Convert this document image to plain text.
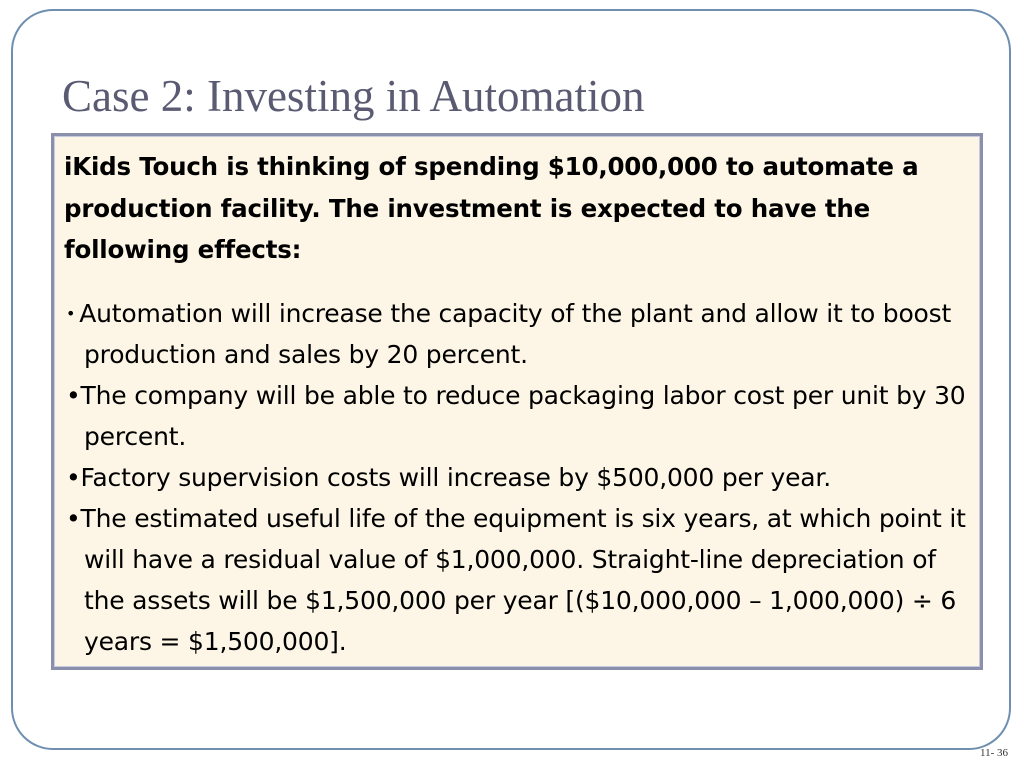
Case 2: Investing in Automation

iKids Touch is thinking of spending $10,000,000 to automate a production facility. The investment is expected to have the following effects:

• Automation will increase the capacity of the plant and allow it to boost production and sales by 20 percent.
•The company will be able to reduce packaging labor cost per unit by 30 percent.
•Factory supervision costs will increase by $500,000 per year.
•The estimated useful life of the equipment is six years, at which point it will have a residual value of $1,000,000. Straight-line depreciation of the assets will be $1,500,000 per year [($10,000,000 – 1,000,000) ÷ 6 years = $1,500,000].
11- 36
